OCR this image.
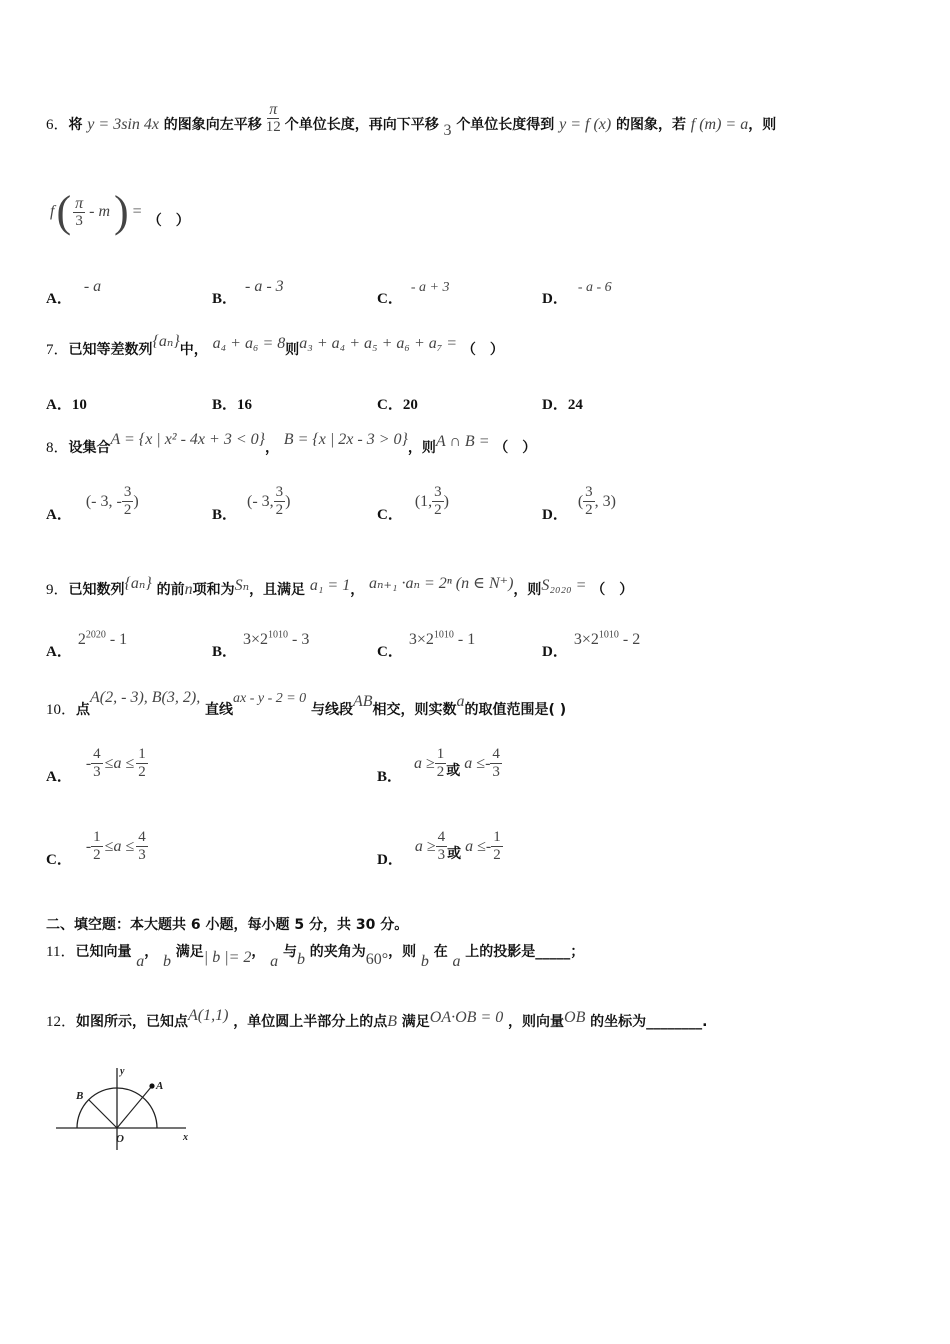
6．将 y = 3sin 4x 的图象向左平移 $\frac{\pi}{12}$ 个单位长度，再向下平移 3 个单位长度得到 y = f (x) 的图象，若 f (m) = a，则
f ( $\frac{\pi}{3}$ - m ) =
（　）
A．- a
B．- a - 3
C．- a + 3
D．- a - 6
7．已知等差数列{aₙ}中， a₄ + a₆ = 8则a₃ + a₄ + a₅ + a₆ + a₇ = （　）
A．10	B．16	C．20	D．24
8．设集合A = {x | x² - 4x + 3 < 0}， B = {x | 2x - 3 > 0}，则A ∩ B = （　）
A．
(- 3, - $\frac{3}{2}$ )
B．
(- 3, $\frac{3}{2}$ )
C．
(1, $\frac{3}{2}$ )
D．
( $\frac{3}{2}$ , 3)
9．已知数列{aₙ} 的前n项和为Sₙ，且满足 a₁ = 1， aₙ₊₁ ·aₙ = 2ⁿ (n ∈ N⁺)，则S₂₀₂₀ = （　）
A．$2^{2020} - 1$
B．$3\times 2^{1010} - 3$
C．$3\times 2^{1010} - 1$
D．$3\times 2^{1010} - 2$
10．点A(2, - 3), B(3, 2), 直线ax - y - 2 = 0 与线段AB相交，则实数a的取值范围是( )
A．
- $\frac{4}{3} \le a \le \frac{1}{2}$	B．
$a \ge \frac{1}{2}$ 或 $a \le- \frac{4}{3}$
C．
- $\frac{1}{2} \le a \le \frac{4}{3}$	D．
$a \ge \frac{4}{3}$ 或 $a \le- \frac{1}{2}$
二、填空题：本大题共 6 小题，每小题 5 分，共 30 分。
11．已知向量 a， b 满足| b |= 2， a 与b 的夹角为60°，则 b 在 a 上的投影是_____；
12．如图所示，已知点A(1,1) ，单位圆上半部分上的点B 满足OA·OB = 0 ，则向量OB 的坐标为________.
y
x
O
A
B
